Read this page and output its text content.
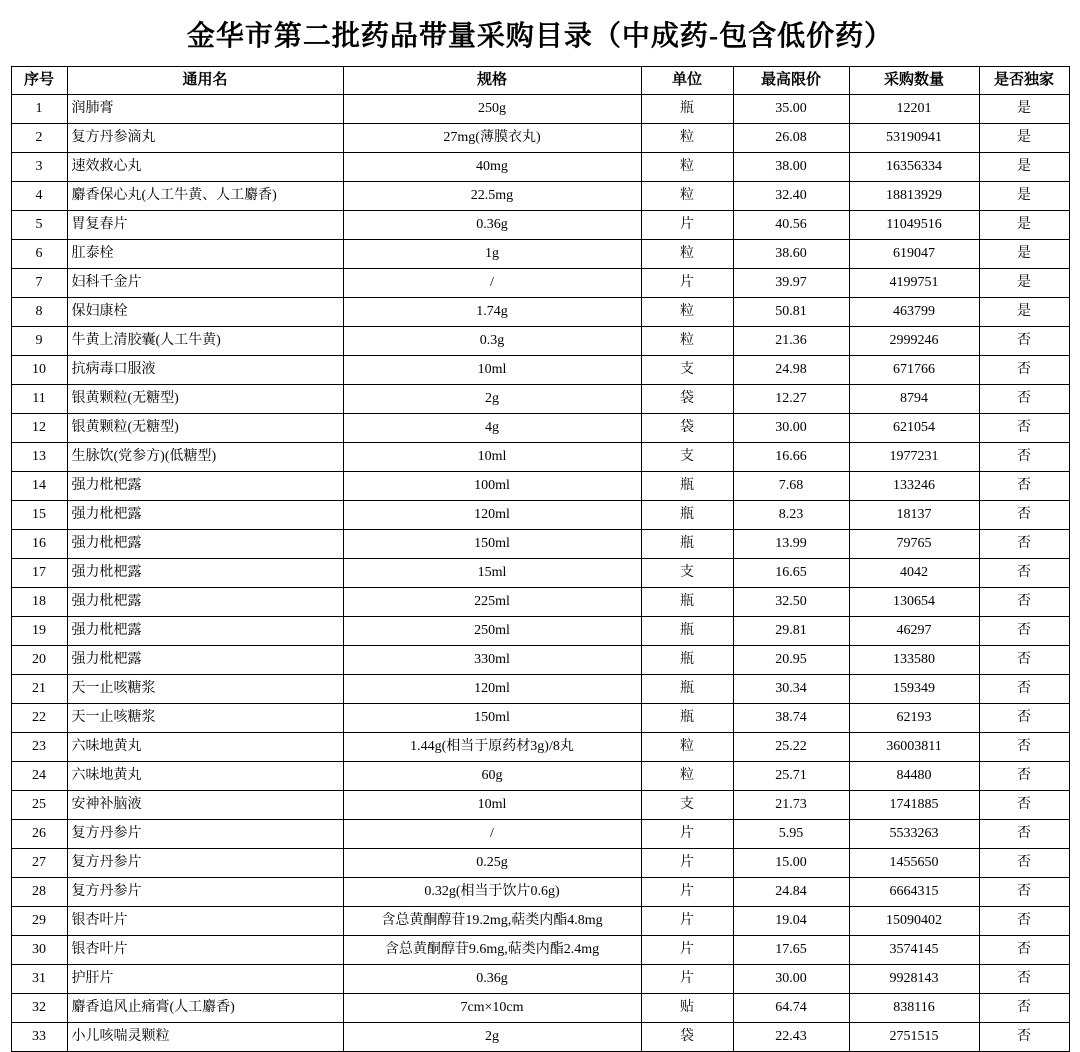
金华市第二批药品带量采购目录（中成药-包含低价药）
序号	通用名	规格	单位	最高限价	采购数量	是否独家
1	润肺膏	250g	瓶	35.00	12201	是
2	复方丹参滴丸	27mg(薄膜衣丸)	粒	26.08	53190941	是
3	速效救心丸	40mg	粒	38.00	16356334	是
4	麝香保心丸(人工牛黄、人工麝香)	22.5mg	粒	32.40	18813929	是
5	胃复春片	0.36g	片	40.56	11049516	是
6	肛泰栓	1g	粒	38.60	619047	是
7	妇科千金片	/	片	39.97	4199751	是
8	保妇康栓	1.74g	粒	50.81	463799	是
9	牛黄上清胶囊(人工牛黄)	0.3g	粒	21.36	2999246	否
10	抗病毒口服液	10ml	支	24.98	671766	否
11	银黄颗粒(无糖型)	2g	袋	12.27	8794	否
12	银黄颗粒(无糖型)	4g	袋	30.00	621054	否
13	生脉饮(党参方)(低糖型)	10ml	支	16.66	1977231	否
14	强力枇杷露	100ml	瓶	7.68	133246	否
15	强力枇杷露	120ml	瓶	8.23	18137	否
16	强力枇杷露	150ml	瓶	13.99	79765	否
17	强力枇杷露	15ml	支	16.65	4042	否
18	强力枇杷露	225ml	瓶	32.50	130654	否
19	强力枇杷露	250ml	瓶	29.81	46297	否
20	强力枇杷露	330ml	瓶	20.95	133580	否
21	天一止咳糖浆	120ml	瓶	30.34	159349	否
22	天一止咳糖浆	150ml	瓶	38.74	62193	否
23	六味地黄丸	1.44g(相当于原药材3g)/8丸	粒	25.22	36003811	否
24	六味地黄丸	60g	粒	25.71	84480	否
25	安神补脑液	10ml	支	21.73	1741885	否
26	复方丹参片	/	片	5.95	5533263	否
27	复方丹参片	0.25g	片	15.00	1455650	否
28	复方丹参片	0.32g(相当于饮片0.6g)	片	24.84	6664315	否
29	银杏叶片	含总黄酮醇苷19.2mg,萜类内酯4.8mg	片	19.04	15090402	否
30	银杏叶片	含总黄酮醇苷9.6mg,萜类内酯2.4mg	片	17.65	3574145	否
31	护肝片	0.36g	片	30.00	9928143	否
32	麝香追风止痛膏(人工麝香)	7cm×10cm	贴	64.74	838116	否
33	小儿咳喘灵颗粒	2g	袋	22.43	2751515	否
